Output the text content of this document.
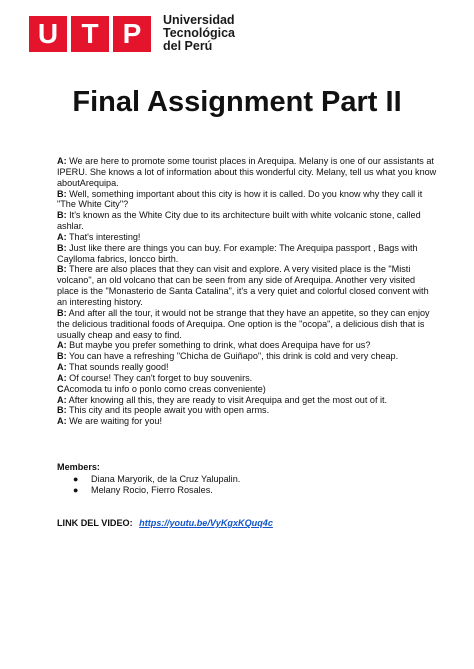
U T P	Universidad
Tecnológica
del Perú
Final Assignment Part II

A: We are here to promote some tourist places in Arequipa. Melany is one of our assistants at IPERU. She knows a lot of information about this wonderful city. Melany, tell us what you know aboutArequipa.

B: Well, something important about this city is how it is called. Do you know why they call it "The White City"?

B: It's known as the White City due to its architecture built with white volcanic stone, called ashlar.

A: That's interesting!

B: Just like there are things you can buy. For example: The Arequipa passport , Bags with Caylloma fabrics, loncco birth.

B: There are also places that they can visit and explore. A very visited place is the "Misti volcano", an old volcano that can be seen from any side of Arequipa. Another very visited place is the "Monasterio de Santa Catalina", it's a very quiet and colorful closed convent with an interesting history.

B: And after all the tour, it would not be strange that they have an appetite, so they can enjoy the delicious traditional foods of Arequipa. One option is the "ocopa", a delicious dish that is usually cheap and easy to find.

A: But maybe you prefer something to drink, what does Arequipa have for us?

B: You can have a refreshing "Chicha de Guiñapo", this drink is cold and very cheap.

A: That sounds really good!

A: Of course! They can't forget to buy souvenirs.

CAcomoda tu info o ponlo como creas conveniente)

A: After knowing all this, they are ready to visit Arequipa and get the most out of it.

B: This city and its people await you with open arms.

A: We are waiting for you!

Members:
●	Diana Maryorik, de la Cruz Yalupalin.
●	Melany Rocio, Fierro Rosales.
LINK DEL VIDEO: https://youtu.be/VyKgxKQuq4c
